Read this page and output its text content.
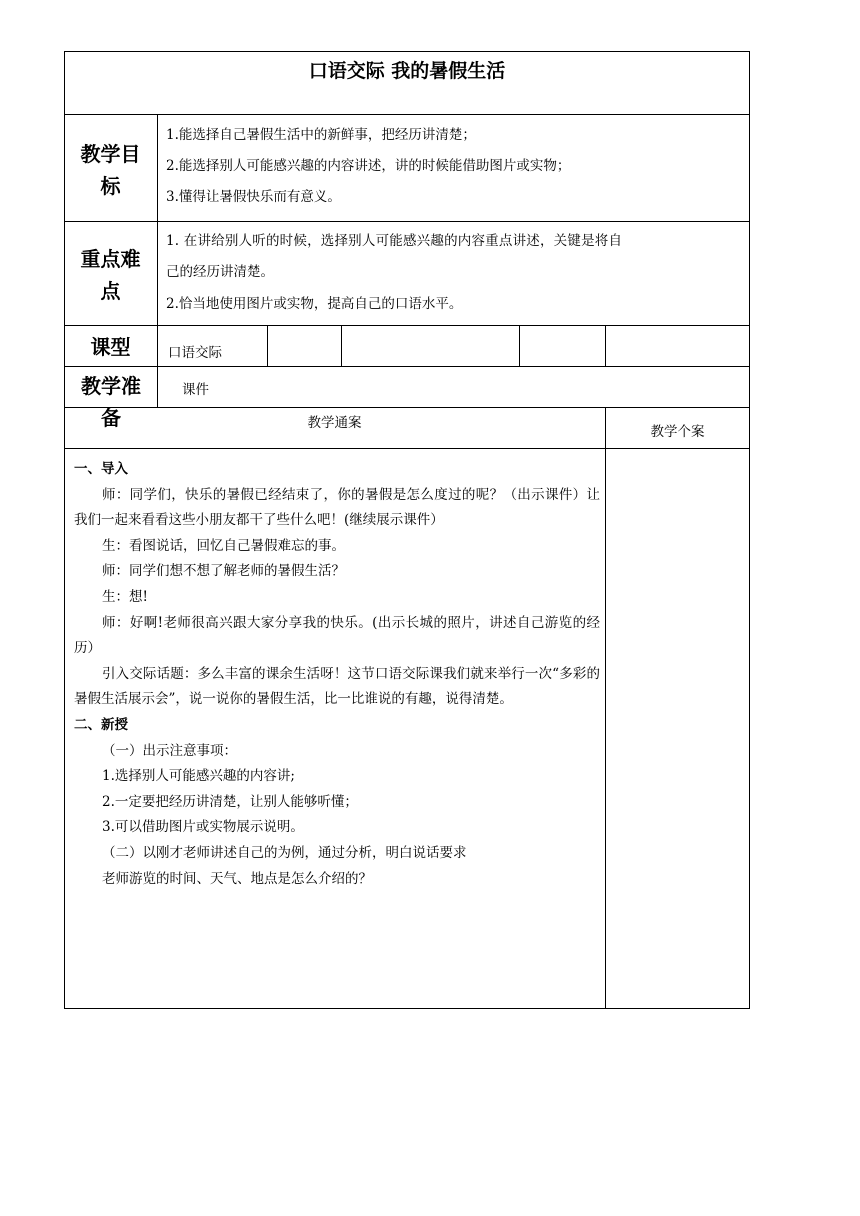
口语交际 我的暑假生活
教学目标
1.能选择自己暑假生活中的新鲜事，把经历讲清楚；
2.能选择别人可能感兴趣的内容讲述，讲的时候能借助图片或实物；
3.懂得让暑假快乐而有意义。
重点难点
1. 在讲给别人听的时候，选择别人可能感兴趣的内容重点讲述，关键是将自
己的经历讲清楚。
2.恰当地使用图片或实物，提高自己的口语水平。
课型	口语交际
教学准备
课件
教学通案
教学个案

一、导入

师：同学们，快乐的暑假已经结束了，你的暑假是怎么度过的呢？（出示课件）让我们一起来看看这些小朋友都干了些什么吧！(继续展示课件）

生：看图说话，回忆自己暑假难忘的事。

师：同学们想不想了解老师的暑假生活？

生：想!

师：好啊!老师很高兴跟大家分享我的快乐。(出示长城的照片，讲述自己游览的经历）

引入交际话题：多么丰富的课余生活呀！这节口语交际课我们就来举行一次“多彩的暑假生活展示会”，说一说你的暑假生活，比一比谁说的有趣，说得清楚。

二、新授

（一）出示注意事项：

1.选择别人可能感兴趣的内容讲;

2.一定要把经历讲清楚，让别人能够听懂；

3.可以借助图片或实物展示说明。

（二）以刚才老师讲述自己的为例，通过分析，明白说话要求

老师游览的时间、天气、地点是怎么介绍的？
